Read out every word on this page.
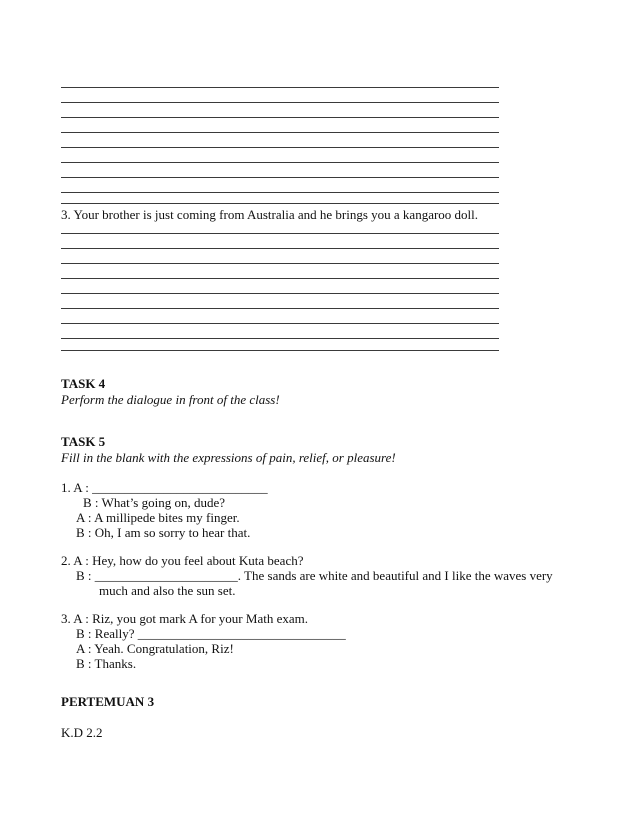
3. Your brother is just coming from Australia and he brings you a kangaroo doll.
TASK 4
Perform the dialogue in front of the class!
TASK 5
Fill in the blank with the expressions of pain, relief, or pleasure!
1. A : ___________________________
B : What’s going on, dude?
A : A millipede bites my finger.
B : Oh, I am so sorry to hear that.
2. A : Hey, how do you feel about Kuta beach?
B : ______________________. The sands are white and beautiful and I like the waves very
much and also the sun set.
3. A : Riz, you got mark A for your Math exam.
B : Really? ________________________________
A : Yeah. Congratulation, Riz!
B : Thanks.
PERTEMUAN 3
K.D 2.2
